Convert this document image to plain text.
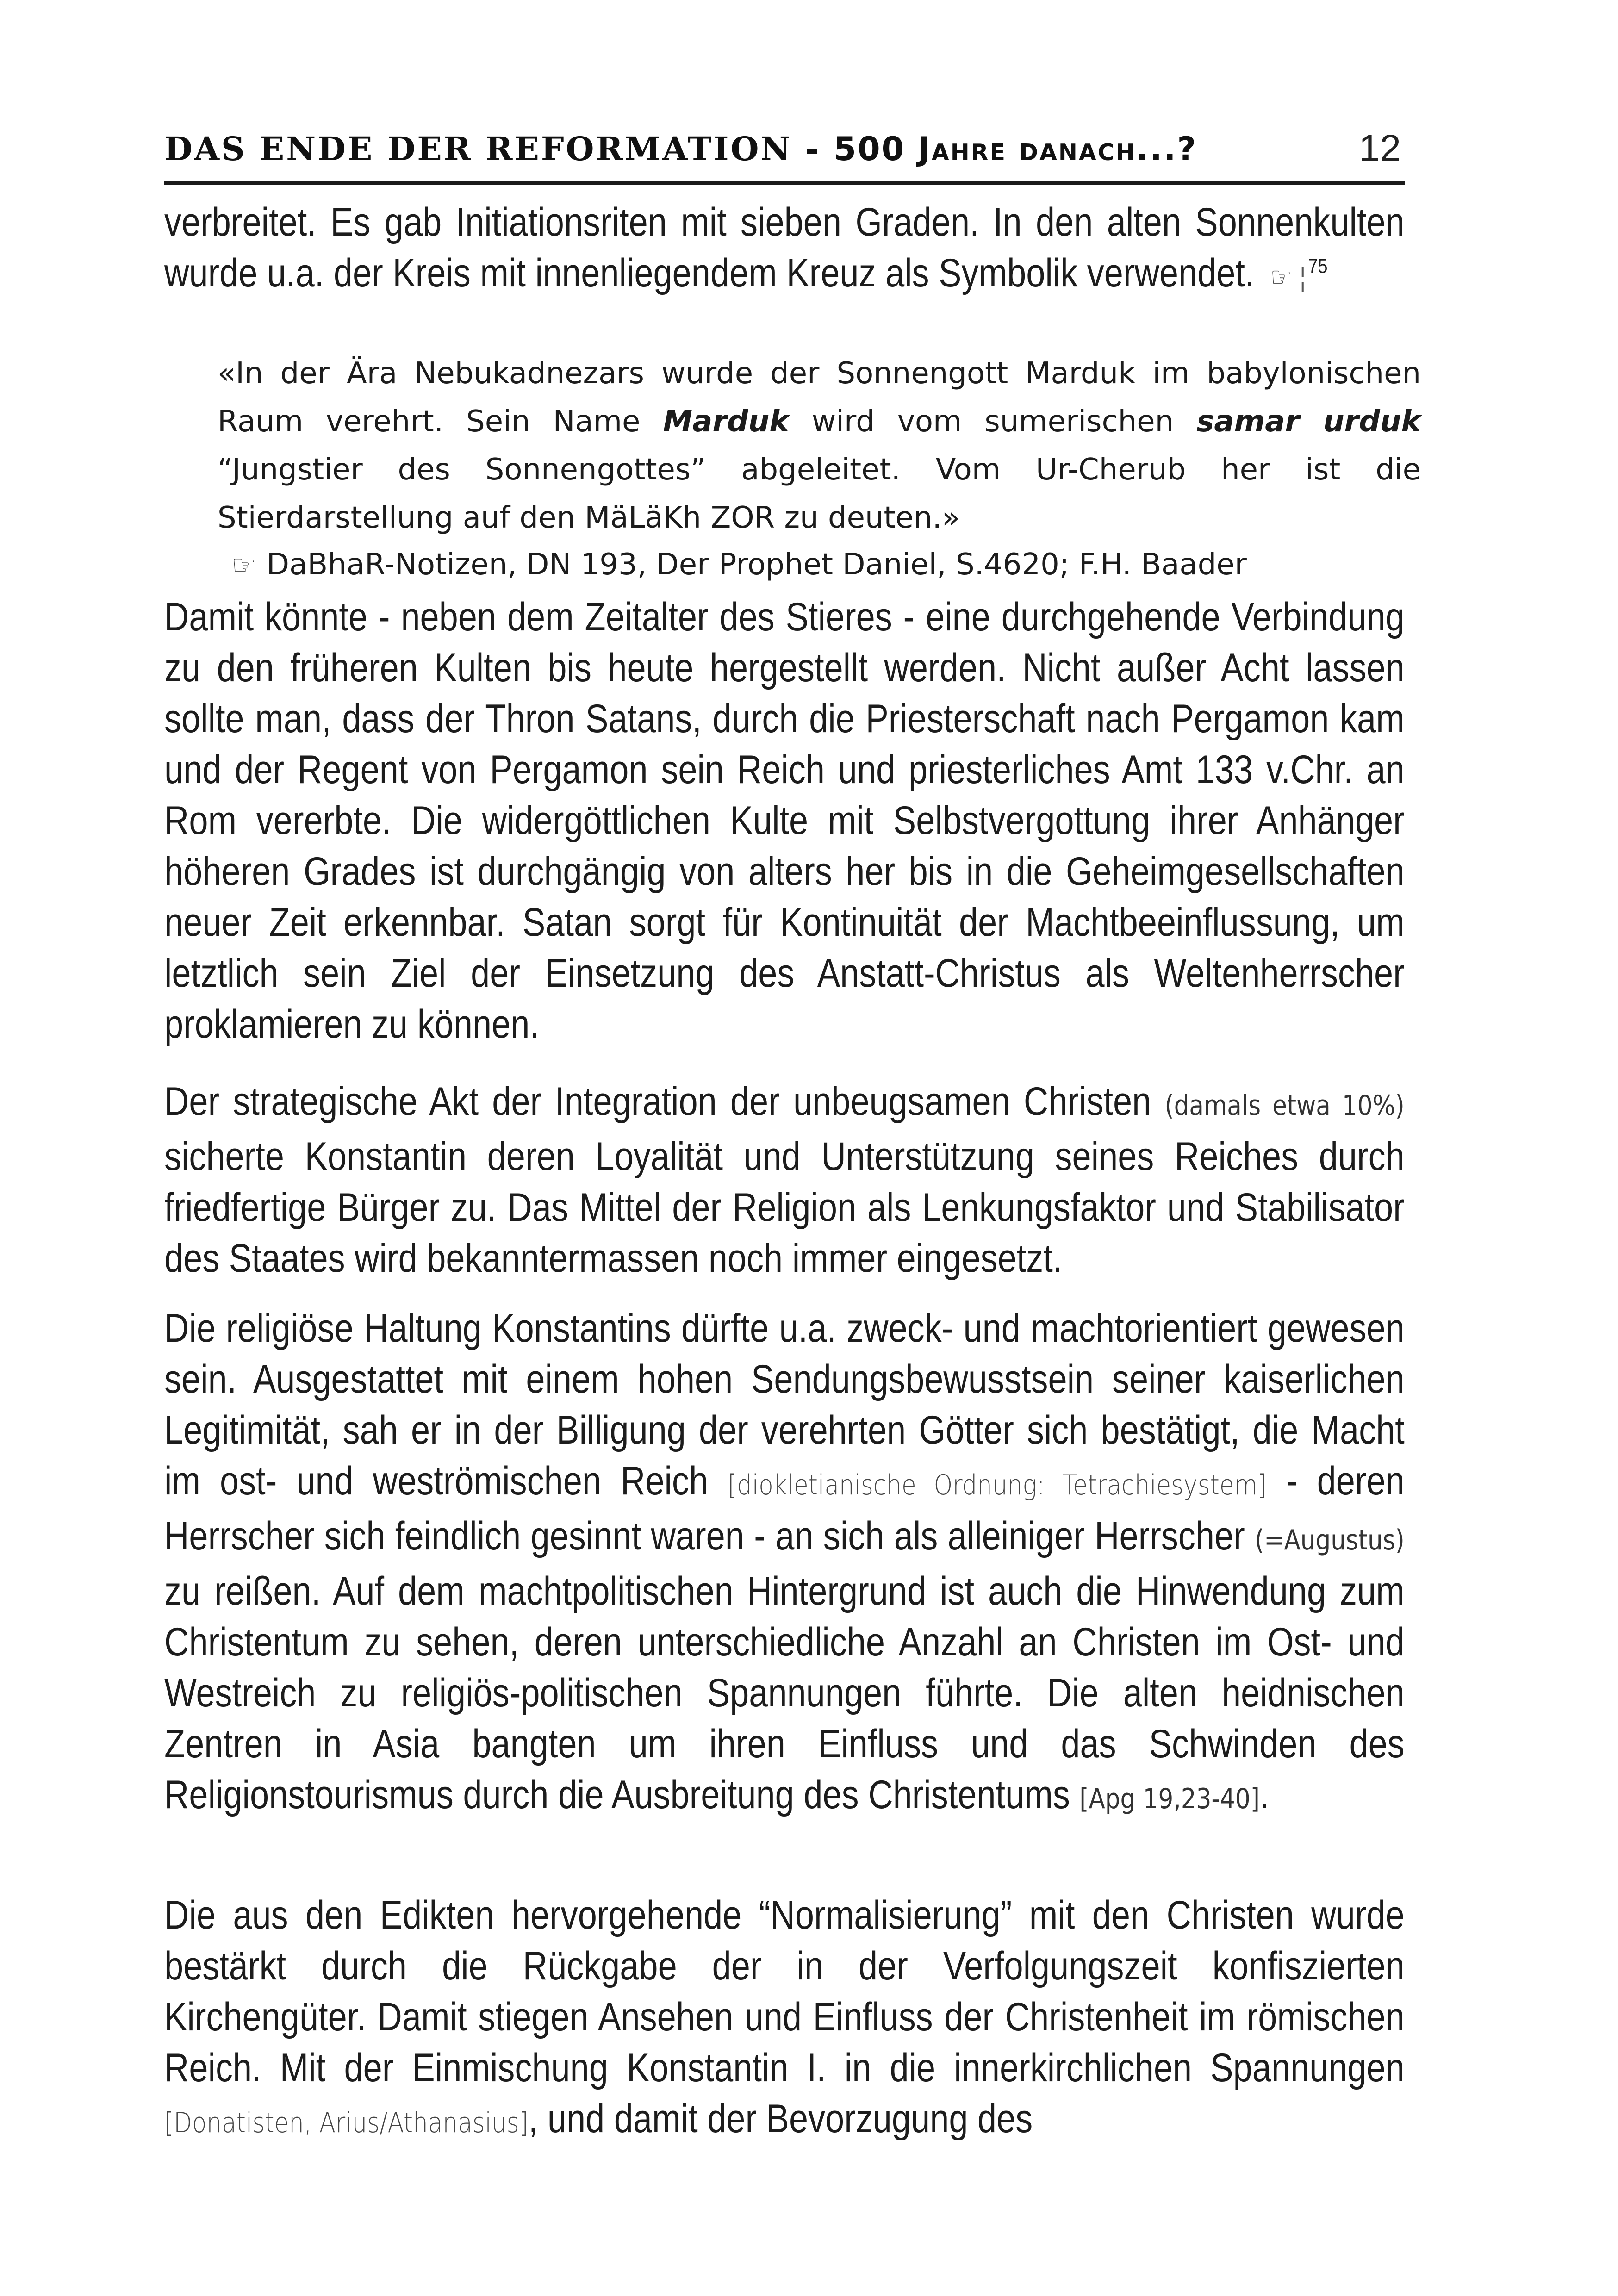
DAS ENDE DER REFORMATION - 500 Jahre danach...?	12
verbreitet. Es gab Initiationsriten mit sieben Graden. In den alten Sonnenkulten wurde u.a. der Kreis mit innenliegendem Kreuz als Symbolik verwendet. ☞ ¦ $^{75}$
«In der Ära Nebukadnezars wurde der Sonnengott Marduk im babylonischen Raum verehrt. Sein Name Marduk wird vom sumerischen samar urduk “Jungstier des Sonnengottes” abgeleitet. Vom Ur-Cherub her ist die Stierdarstellung auf den MäLäKh ZOR zu deuten.»
☞ DaBhaR-Notizen, DN 193, Der Prophet Daniel, S.4620; F.H. Baader
Damit könnte - neben dem Zeitalter des Stieres - eine durchgehende Verbindung zu den früheren Kulten bis heute hergestellt werden. Nicht außer Acht lassen sollte man, dass der Thron Satans, durch die Priesterschaft nach Pergamon kam und der Regent von Pergamon sein Reich und priesterliches Amt 133 v.Chr. an Rom vererbte. Die widergöttlichen Kulte mit Selbstvergottung ihrer Anhänger höheren Grades ist durchgängig von alters her bis in die Geheimgesellschaften neuer Zeit erkennbar. Satan sorgt für Kontinuität der Machtbeeinflussung, um letztlich sein Ziel der Einsetzung des Anstatt-Christus als Weltenherrscher proklamieren zu können.
Der strategische Akt der Integration der unbeugsamen Christen (damals etwa 10%) sicherte Konstantin deren Loyalität und Unterstützung seines Reiches durch friedfertige Bürger zu. Das Mittel der Religion als Lenkungsfaktor und Stabilisator des Staates wird bekanntermassen noch immer eingesetzt.
Die religiöse Haltung Konstantins dürfte u.a. zweck- und machtorientiert gewesen sein. Ausgestattet mit einem hohen Sendungsbewusstsein seiner kaiserlichen Legitimität, sah er in der Billigung der verehrten Götter sich bestätigt, die Macht im ost- und weströmischen Reich [diokletianische Ordnung: Tetrachiesystem] - deren Herrscher sich feindlich gesinnt waren - an sich als alleiniger Herrscher (=Augustus) zu reißen. Auf dem machtpolitischen Hintergrund ist auch die Hinwendung zum Christentum zu sehen, deren unterschiedliche Anzahl an Christen im Ost- und Westreich zu religiös-politischen Spannungen führte. Die alten heidnischen Zentren in Asia bangten um ihren Einfluss und das Schwinden des Religionstourismus durch die Ausbreitung des Christentums [Apg 19,23-40].
Die aus den Edikten hervorgehende “Normalisierung” mit den Christen wurde bestärkt durch die Rückgabe der in der Verfolgungszeit konfiszierten Kirchengüter. Damit stiegen Ansehen und Einfluss der Christenheit im römischen Reich. Mit der Einmischung Konstantin I. in die innerkirchlichen Spannungen [Donatisten, Arius/Athanasius], und damit der Bevorzugung des
